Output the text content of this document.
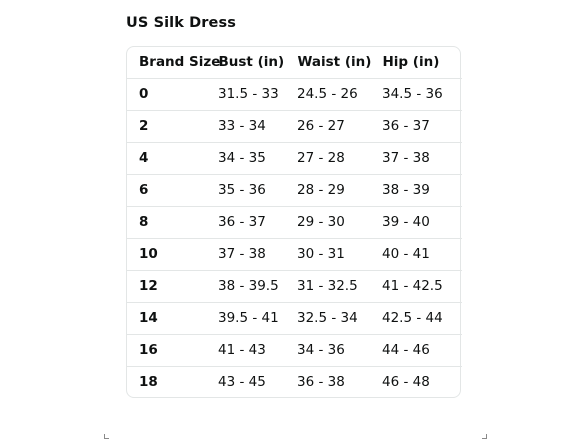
US Silk Dress
Brand Size	Bust (in)	Waist (in)	Hip (in)
0	31.5 - 33	24.5 - 26	34.5 - 36
2	33 - 34	26 - 27	36 - 37
4	34 - 35	27 - 28	37 - 38
6	35 - 36	28 - 29	38 - 39
8	36 - 37	29 - 30	39 - 40
10	37 - 38	30 - 31	40 - 41
12	38 - 39.5	31 - 32.5	41 - 42.5
14	39.5 - 41	32.5 - 34	42.5 - 44
16	41 - 43	34 - 36	44 - 46
18	43 - 45	36 - 38	46 - 48
